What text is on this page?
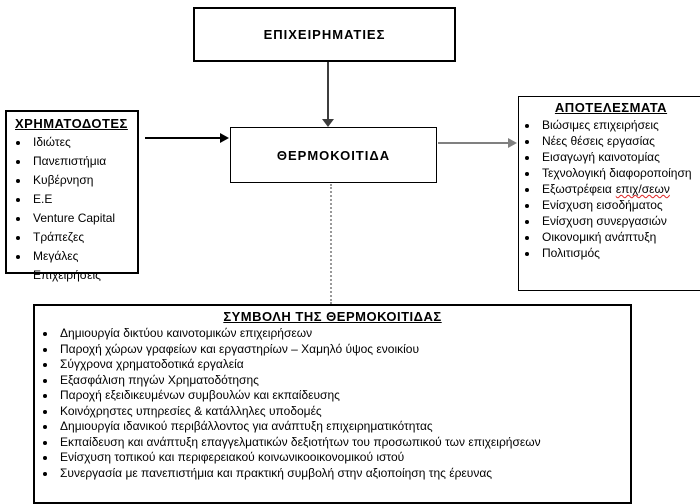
ΕΠΙΧΕΙΡΗΜΑΤΙΕΣ
ΧΡΗΜΑΤΟΔΟΤΕΣ
• Ιδιώτες
• Πανεπιστήμια
• Κυβέρνηση
• Ε.Ε
• Venture Capital
• Τράπεζες
• Μεγάλες Επιχειρήσεις
ΘΕΡΜΟΚΟΙΤΙΔΑ
ΑΠΟΤΕΛΕΣΜΑΤΑ
• Βιώσιμες επιχειρήσεις
• Νέες θέσεις εργασίας
• Εισαγωγή καινοτομίας
• Τεχνολογική διαφοροποίηση
• Εξωστρέφεια επιχ/σεων
• Ενίσχυση εισοδήματος
• Ενίσχυση συνεργασιών
• Οικονομική ανάπτυξη
• Πολιτισμός
ΣΥΜΒΟΛΗ ΤΗΣ ΘΕΡΜΟΚΟΙΤΙΔΑΣ
• Δημιουργία δικτύου καινοτομικών επιχειρήσεων
• Παροχή χώρων γραφείων και εργαστηρίων – Χαμηλό ύψος ενοικίου
• Σύγχρονα χρηματοδοτικά εργαλεία
• Εξασφάλιση πηγών Χρηματοδότησης
• Παροχή εξειδικευμένων συμβουλών και εκπαίδευσης
• Κοινόχρηστες υπηρεσίες & κατάλληλες υποδομές
• Δημιουργία ιδανικού περιβάλλοντος για ανάπτυξη επιχειρηματικότητας
• Εκπαίδευση και ανάπτυξη επαγγελματικών δεξιοτήτων του προσωπικού των επιχειρήσεων
• Ενίσχυση τοπικού και περιφερειακού κοινωνικοοικονομικού ιστού
• Συνεργασία με πανεπιστήμια και πρακτική συμβολή στην αξιοποίηση της έρευνας
